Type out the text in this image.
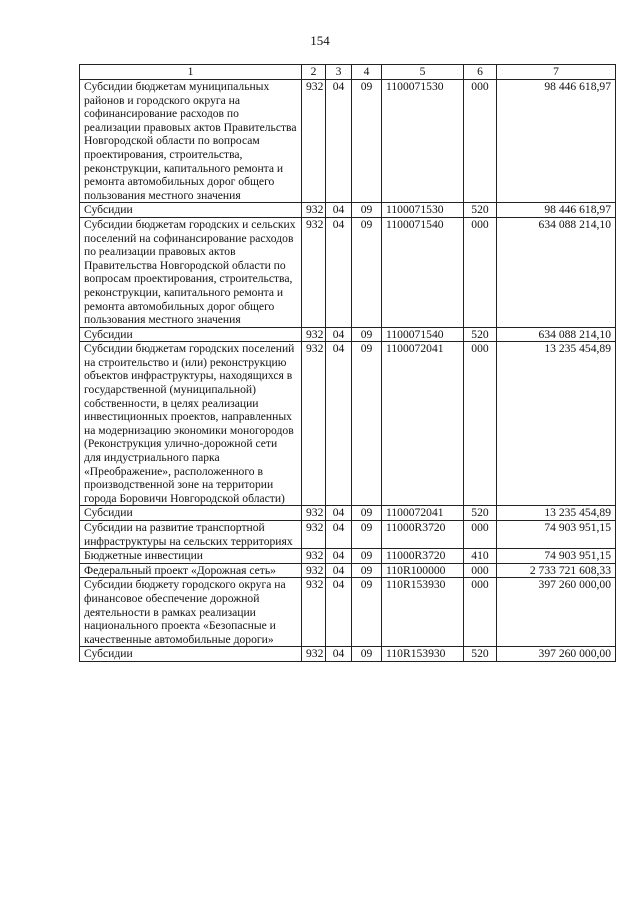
154
1	2	3	4	5	6	7
Субсидии бюджетам муниципальных районов и городского округа на софинансирование расходов по реализации правовых актов Правительства Новгородской области по вопросам проектирования, строительства, реконструкции, капитального ремонта и ремонта автомобильных дорог общего пользования местного значения	932	04	09	1100071530	000	98 446 618,97
Субсидии	932	04	09	1100071530	520	98 446 618,97
Субсидии бюджетам городских и сельских поселений на софинансирование расходов по реализации правовых актов Правительства Новгородской области по вопросам проектирования, строительства, реконструкции, капитального ремонта и ремонта автомобильных дорог общего пользования местного значения	932	04	09	1100071540	000	634 088 214,10
Субсидии	932	04	09	1100071540	520	634 088 214,10
Субсидии бюджетам городских поселений на строительство и (или) реконструкцию объектов инфраструктуры, находящихся в государственной (муниципальной) собственности, в целях реализации инвестиционных проектов, направленных на модернизацию экономики моногородов (Реконструкция улично-дорожной сети для индустриального парка «Преображение», расположенного в производственной зоне на территории города Боровичи Новгородской области)	932	04	09	1100072041	000	13 235 454,89
Субсидии	932	04	09	1100072041	520	13 235 454,89
Субсидии на развитие транспортной инфраструктуры на сельских территориях	932	04	09	11000R3720	000	74 903 951,15
Бюджетные инвестиции	932	04	09	11000R3720	410	74 903 951,15
Федеральный проект «Дорожная сеть»	932	04	09	110R100000	000	2 733 721 608,33
Субсидии бюджету городского округа на финансовое обеспечение дорожной деятельности в рамках реализации национального проекта «Безопасные и качественные автомобильные дороги»	932	04	09	110R153930	000	397 260 000,00
Субсидии	932	04	09	110R153930	520	397 260 000,00
